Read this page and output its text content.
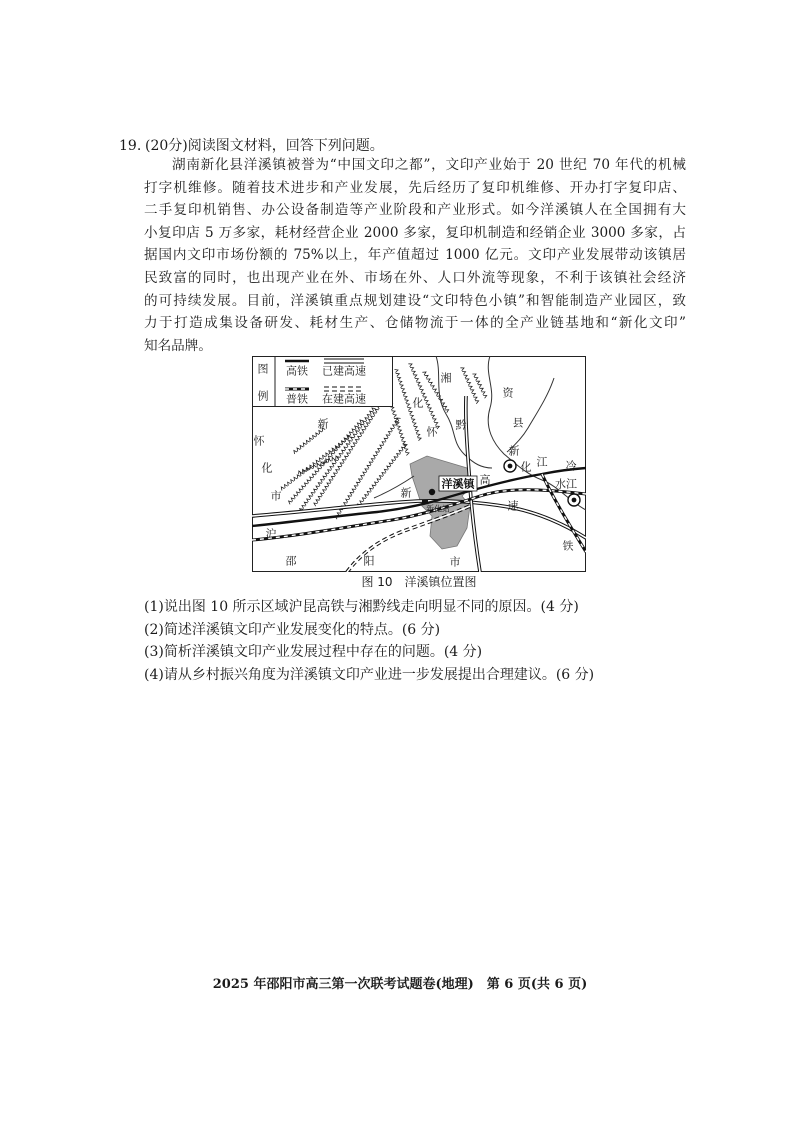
19. (20分)阅读图文材料，回答下列问题。
湖南新化县洋溪镇被誉为“中国文印之都”，文印产业始于 20 世纪 70 年代的机械
打字机维修。随着技术进步和产业发展，先后经历了复印机维修、开办打字复印店、
二手复印机销售、办公设备制造等产业阶段和产业形式。如今洋溪镇人在全国拥有大
小复印店 5 万多家，耗材经营企业 2000 多家，复印机制造和经销企业 3000 多家，占
据国内文印市场份额的 75%以上，年产值超过 1000 亿元。文印产业发展带动该镇居
民致富的同时，也出现产业在外、市场在外、人口外流等现象，不利于该镇社会经济
的可持续发展。目前，洋溪镇重点规划建设“文印特色小镇”和智能制造产业园区，致
力于打造成集设备研发、耗材生产、仓储物流于一体的全产业链基地和“新化文印”
知名品牌。
图
例
高铁 已建高速
普铁 在建高速
湘
资
化
县
新	黔
怀
怀
化
市
新
化 江 冷
水江
洋溪镇 高
新
速
新化站
沪
铁
邵	阳	市
图 10　洋溪镇位置图
(1)说出图 10 所示区域沪昆高铁与湘黔线走向明显不同的原因。(4 分)
(2)简述洋溪镇文印产业发展变化的特点。(6 分)
(3)简析洋溪镇文印产业发展过程中存在的问题。(4 分)
(4)请从乡村振兴角度为洋溪镇文印产业进一步发展提出合理建议。(6 分)
2025 年邵阳市高三第一次联考试题卷(地理)　第 6 页(共 6 页)
